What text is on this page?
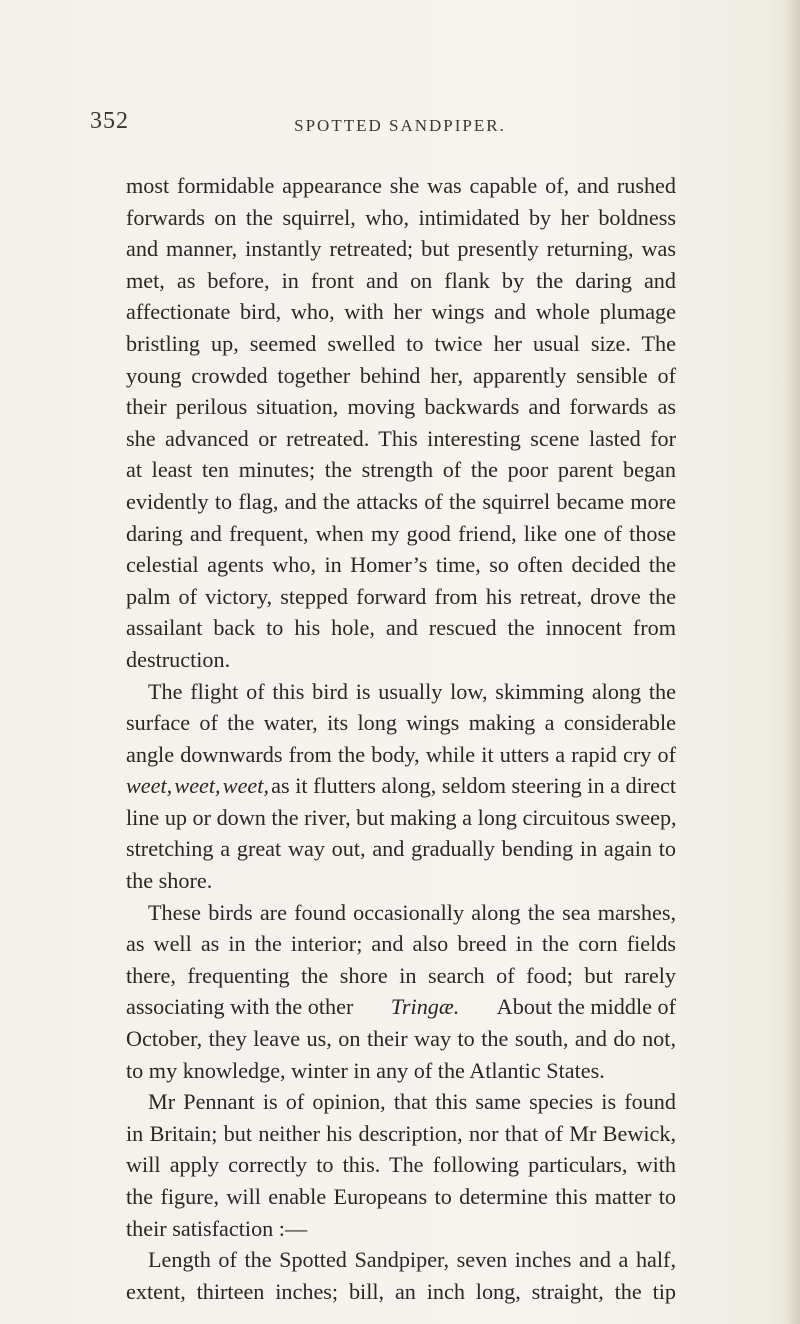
352	SPOTTED SANDPIPER.
most formidable appearance she was capable of, and rushed
forwards on the squirrel, who, intimidated by her boldness
and manner, instantly retreated; but presently returning, was
met, as before, in front and on flank by the daring and
affectionate bird, who, with her wings and whole plumage
bristling up, seemed swelled to twice her usual size. The
young crowded together behind her, apparently sensible of
their perilous situation, moving backwards and forwards as
she advanced or retreated. This interesting scene lasted for
at least ten minutes; the strength of the poor parent began
evidently to flag, and the attacks of the squirrel became more
daring and frequent, when my good friend, like one of those
celestial agents who, in Homer’s time, so often decided the
palm of victory, stepped forward from his retreat, drove the
assailant back to his hole, and rescued the innocent from
destruction.
The flight of this bird is usually low, skimming along the
surface of the water, its long wings making a considerable
angle downwards from the body, while it utters a rapid cry of
weet, weet, weet, as it flutters along, seldom steering in a direct
line up or down the river, but making a long circuitous sweep,
stretching a great way out, and gradually bending in again to
the shore.
These birds are found occasionally along the sea marshes,
as well as in the interior; and also breed in the corn fields
there, frequenting the shore in search of food; but rarely
associating with the other Tringæ. About the middle of
October, they leave us, on their way to the south, and do not,
to my knowledge, winter in any of the Atlantic States.
Mr Pennant is of opinion, that this same species is found
in Britain; but neither his description, nor that of Mr Bewick,
will apply correctly to this. The following particulars, with
the figure, will enable Europeans to determine this matter to
their satisfaction :—
Length of the Spotted Sandpiper, seven inches and a half,
extent, thirteen inches; bill, an inch long, straight, the tip
